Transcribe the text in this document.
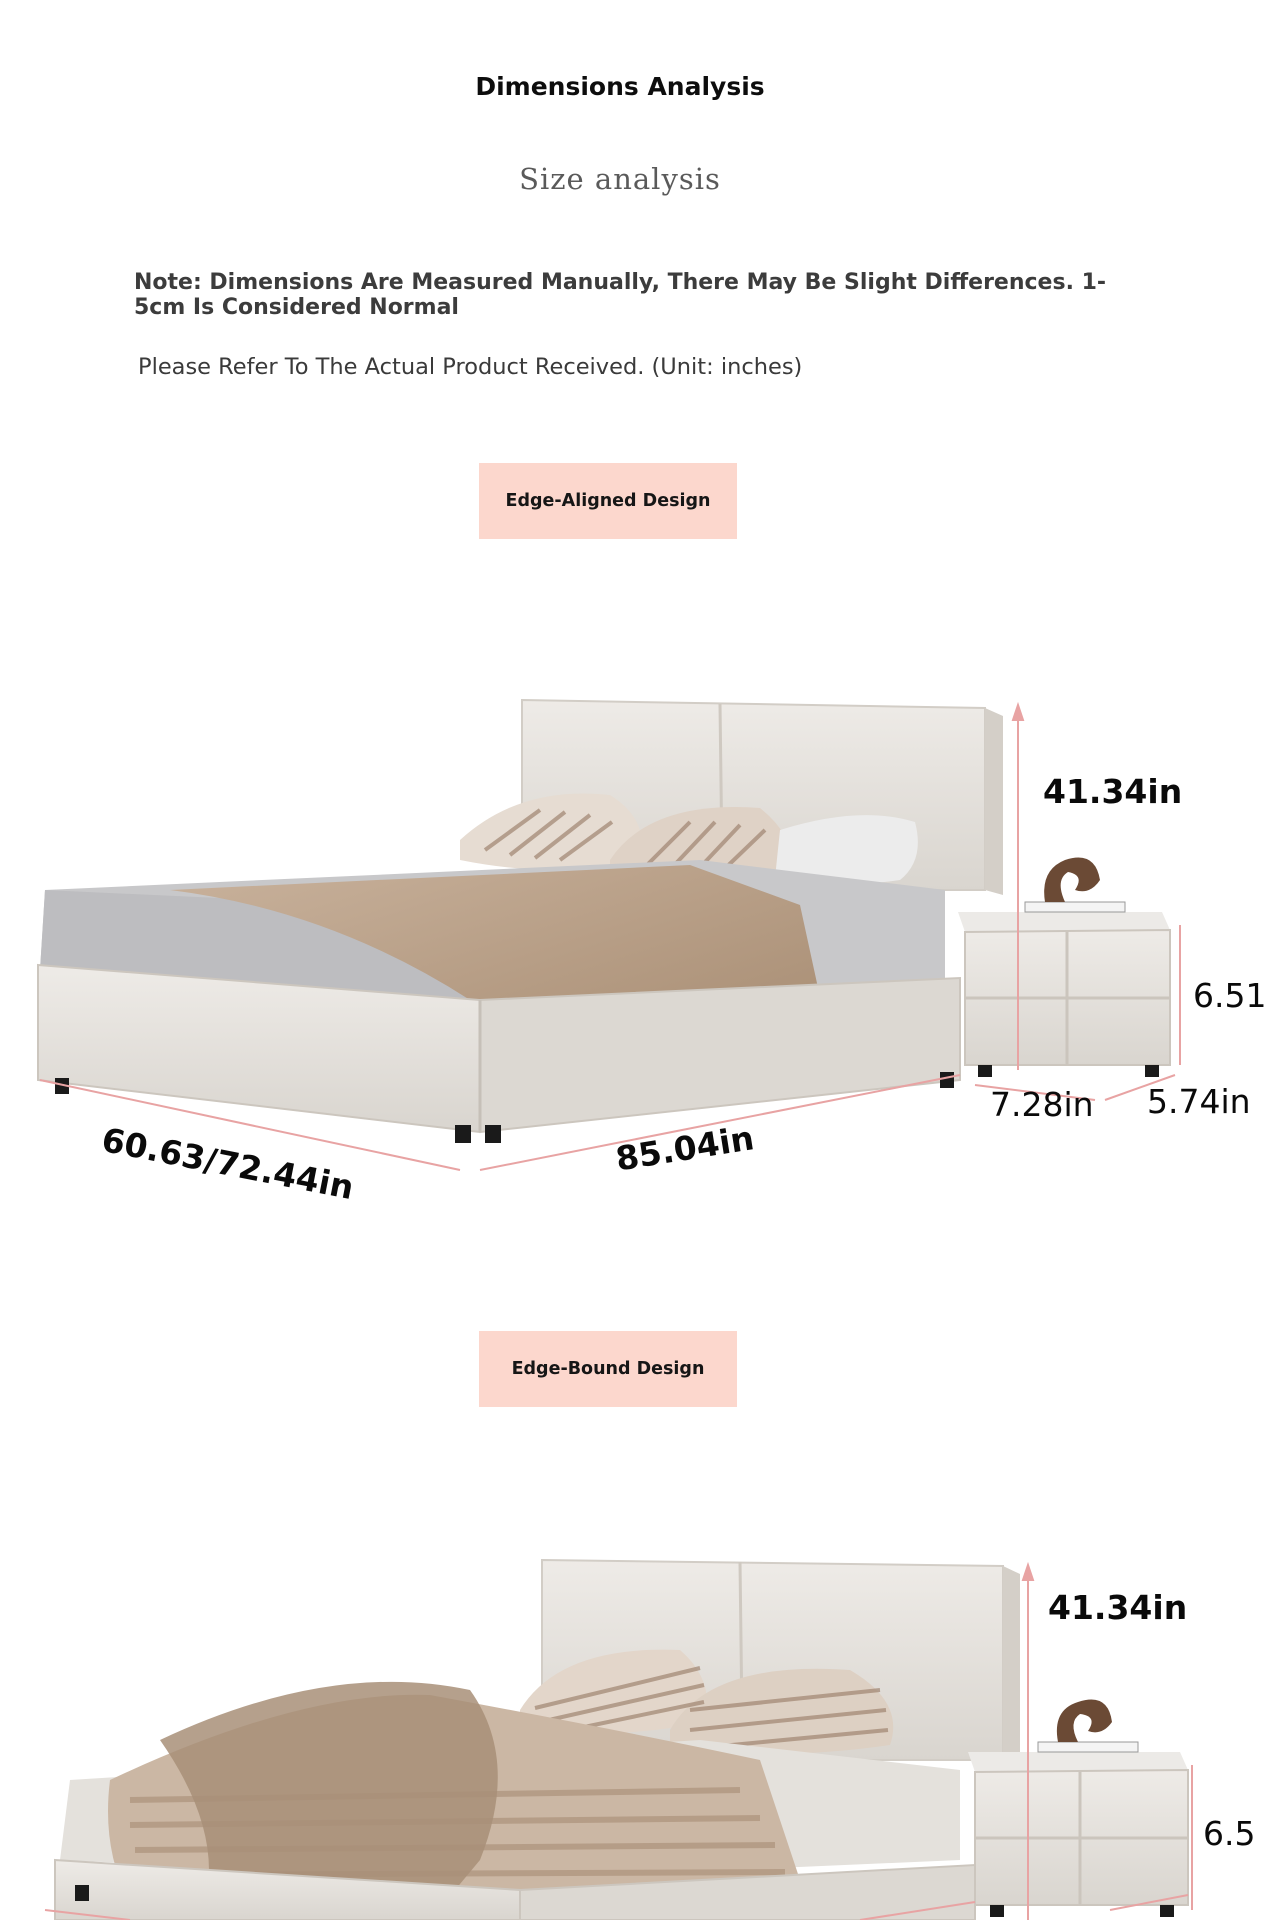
Dimensions Analysis
Size analysis
Note: Dimensions Are Measured Manually, There May Be Slight Differences. 1-5cm Is Considered Normal
Please Refer To The Actual Product Received. (Unit: inches)
Edge-Aligned Design
41.34in
6.51
7.28in 5.74in
60.63/72.44in	85.04in
Edge-Bound Design
41.34in
6.5
